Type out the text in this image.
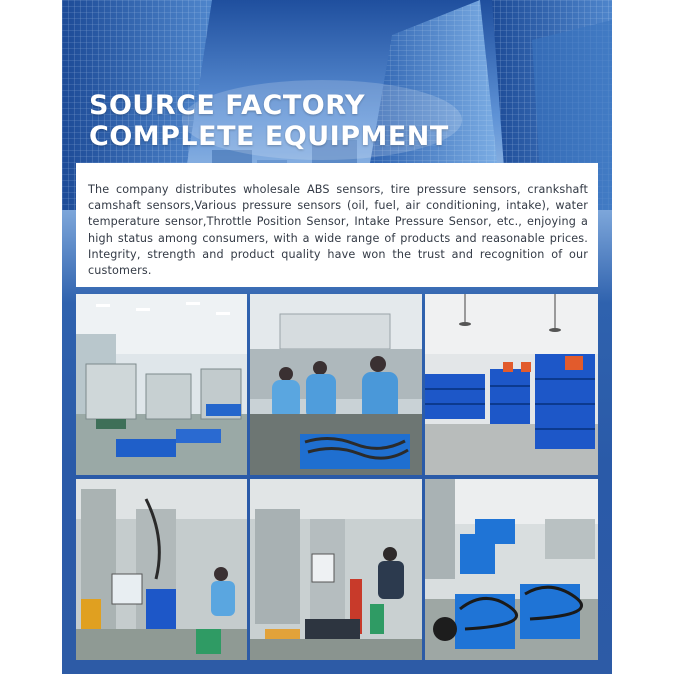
SOURCE FACTORY
COMPLETE EQUIPMENT

The company distributes wholesale ABS sensors, tire pressure sensors, crankshaft camshaft sensors,Various pressure sensors (oil, fuel, air conditioning, intake), water temperature sensor,Throttle Position Sensor, Intake Pressure Sensor, etc., enjoying a high status among consumers, with a wide range of products and reasonable prices. Integrity, strength and product quality have won the trust and recognition of our customers.
